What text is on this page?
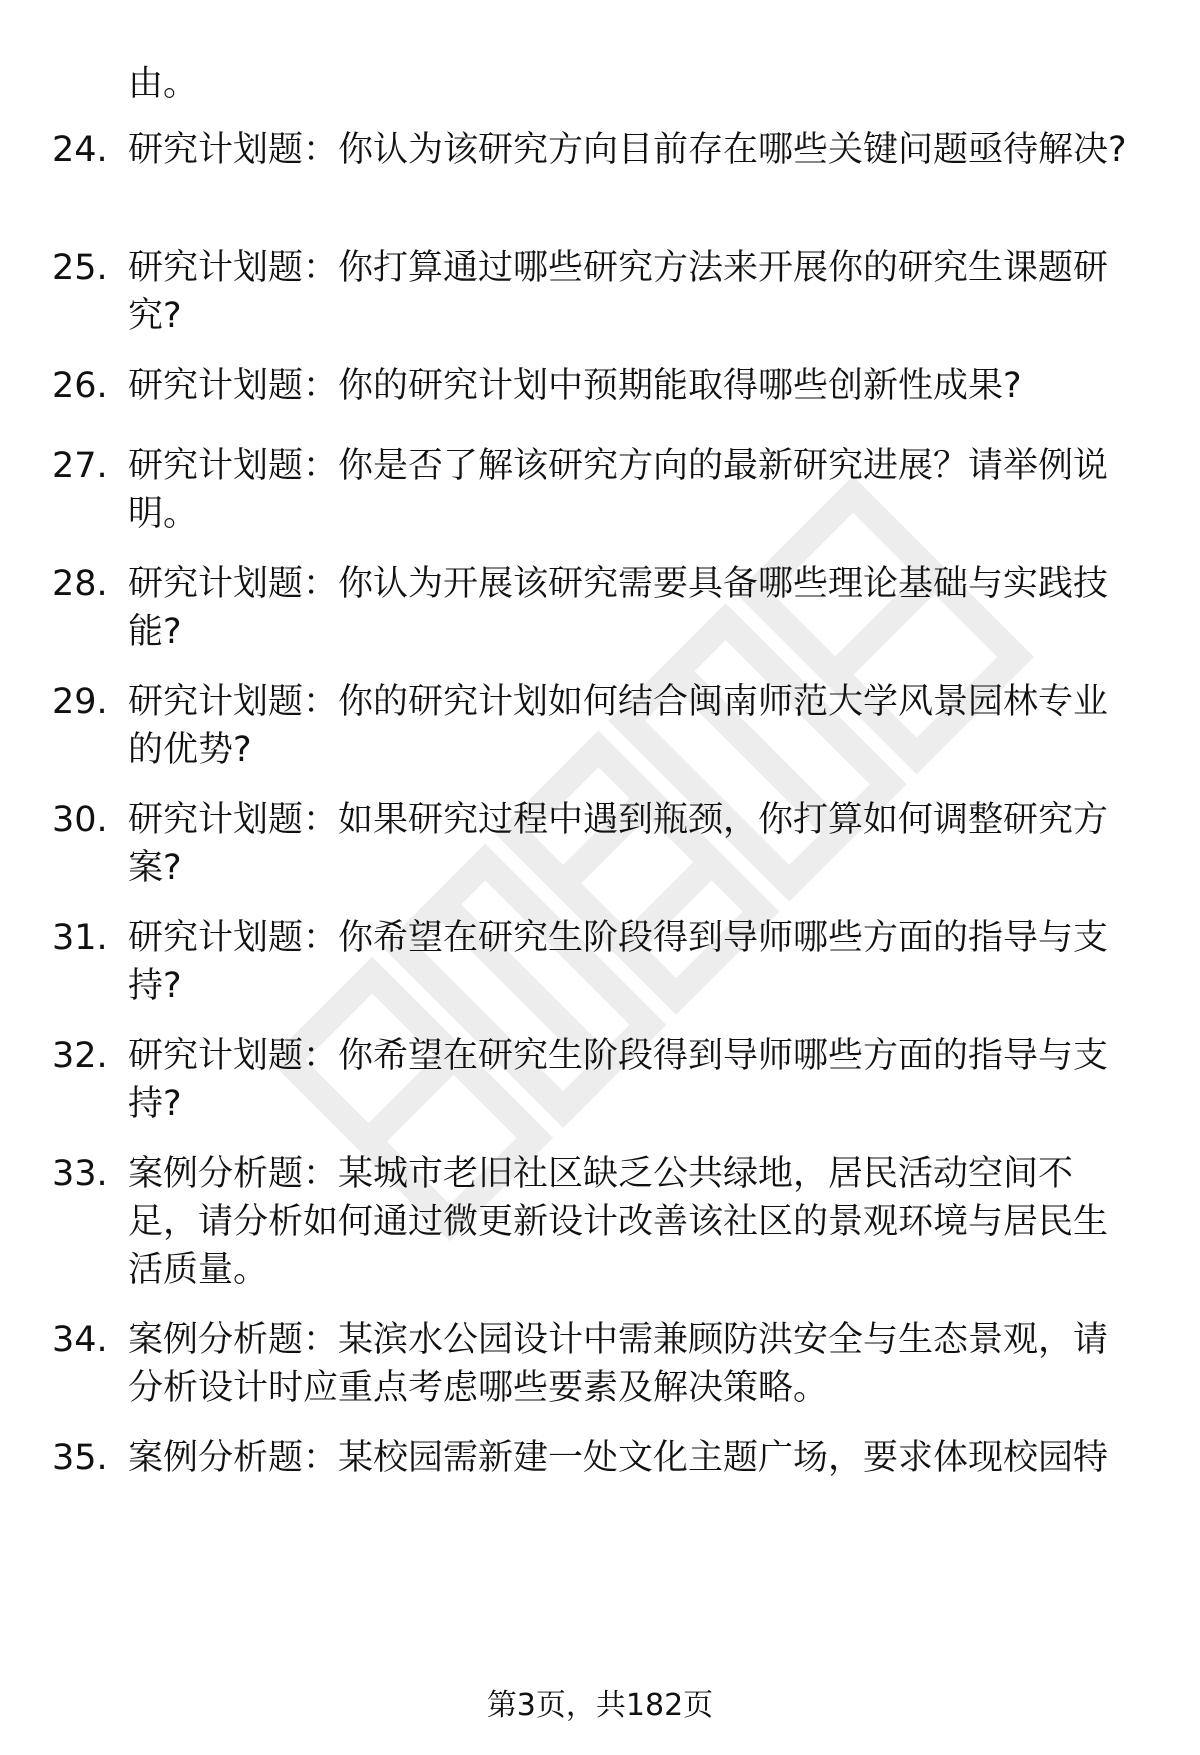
由。
24. 研究计划题：你认为该研究方向目前存在哪些关键问题亟待解决?
25. 研究计划题：你打算通过哪些研究方法来开展你的研究生课题研究?
26. 研究计划题：你的研究计划中预期能取得哪些创新性成果?
27. 研究计划题：你是否了解该研究方向的最新研究进展？请举例说明。
28. 研究计划题：你认为开展该研究需要具备哪些理论基础与实践技能?
29. 研究计划题：你的研究计划如何结合闽南师范大学风景园林专业的优势?
30. 研究计划题：如果研究过程中遇到瓶颈，你打算如何调整研究方案?
31. 研究计划题：你希望在研究生阶段得到导师哪些方面的指导与支持?
32. 研究计划题：你希望在研究生阶段得到导师哪些方面的指导与支持?
33. 案例分析题：某城市老旧社区缺乏公共绿地，居民活动空间不足，请分析如何通过微更新设计改善该社区的景观环境与居民生活质量。
34. 案例分析题：某滨水公园设计中需兼顾防洪安全与生态景观，请分析设计时应重点考虑哪些要素及解决策略。
35. 案例分析题：某校园需新建一处文化主题广场，要求体现校园特
第3页，共182页
